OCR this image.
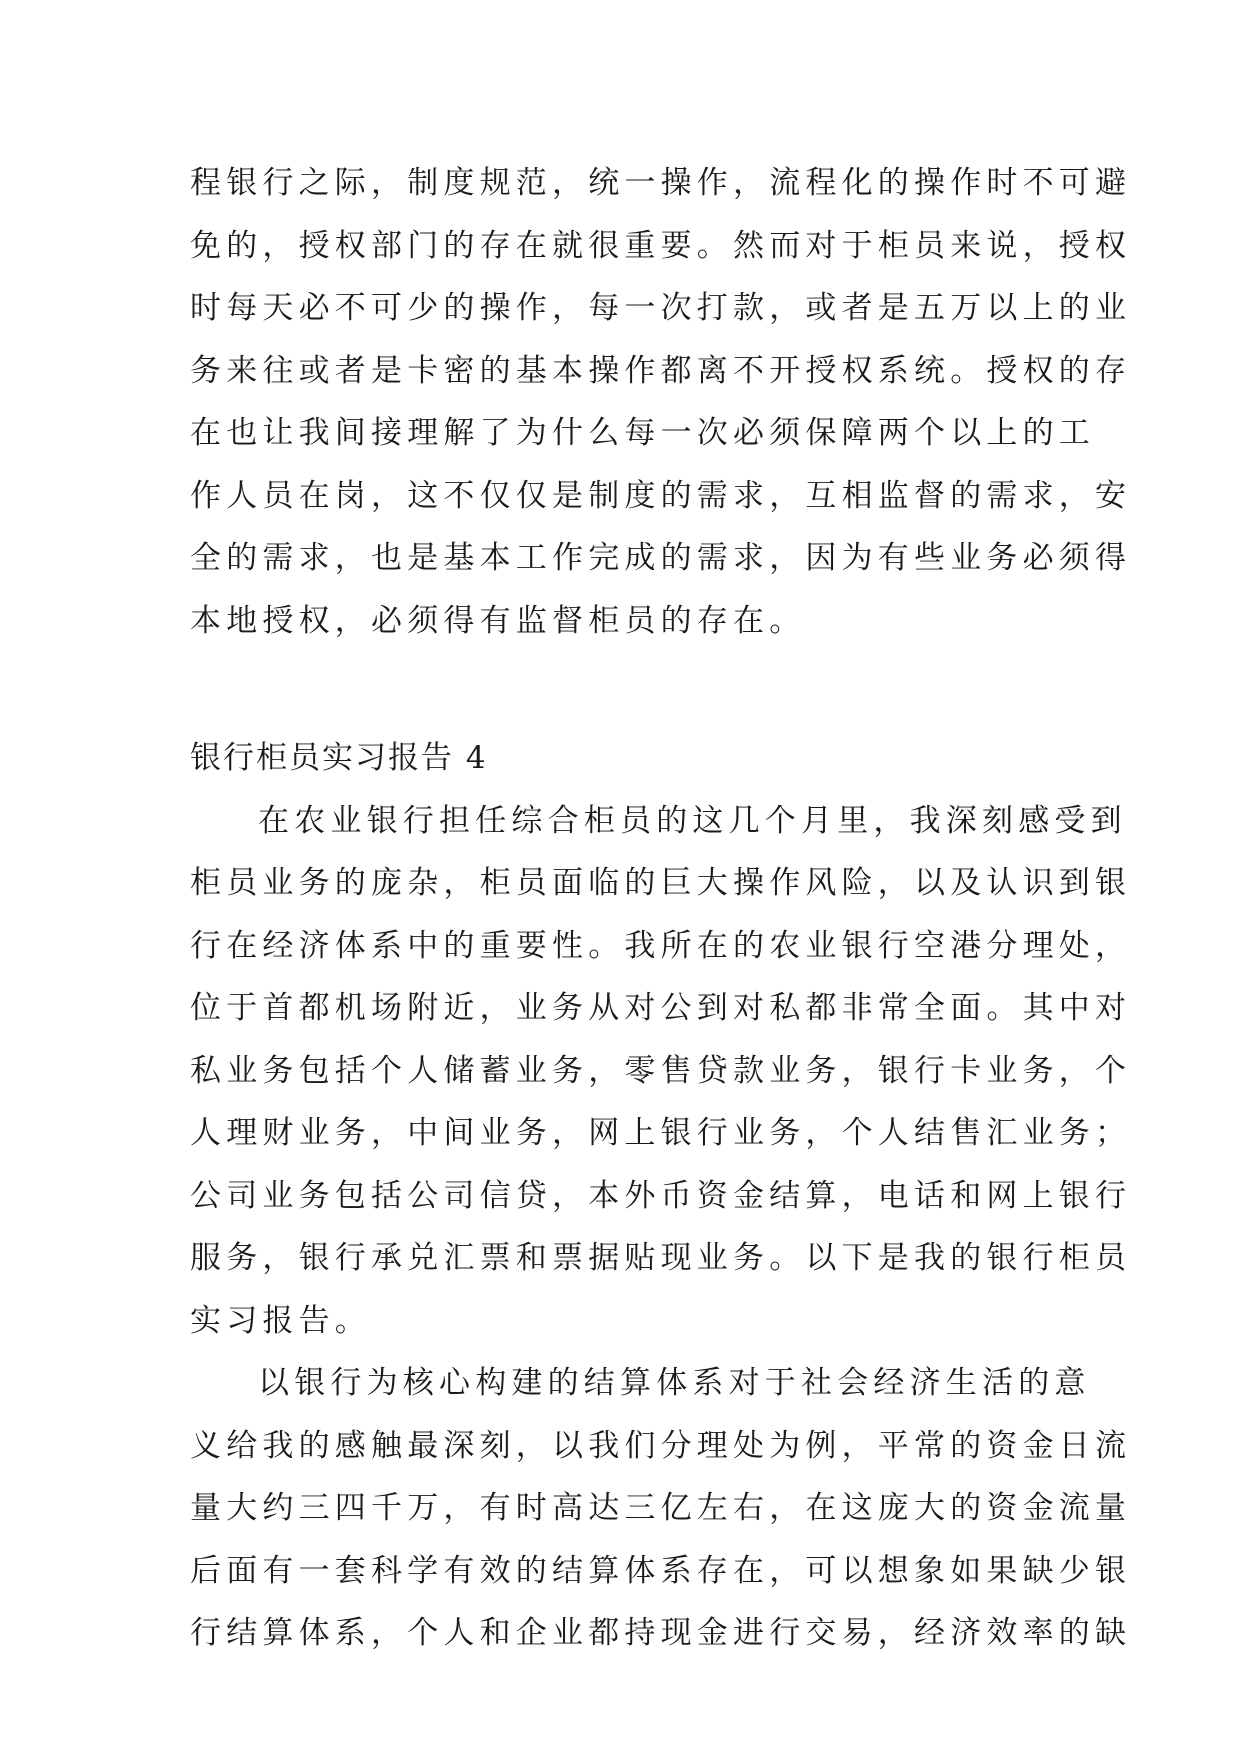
程银行之际，制度规范，统一操作，流程化的操作时不可避
免的，授权部门的存在就很重要。然而对于柜员来说，授权
时每天必不可少的操作，每一次打款，或者是五万以上的业
务来往或者是卡密的基本操作都离不开授权系统。授权的存
在也让我间接理解了为什么每一次必须保障两个以上的工
作人员在岗，这不仅仅是制度的需求，互相监督的需求，安
全的需求，也是基本工作完成的需求，因为有些业务必须得
本地授权，必须得有监督柜员的存在。
银行柜员实习报告 4
在农业银行担任综合柜员的这几个月里，我深刻感受到
柜员业务的庞杂，柜员面临的巨大操作风险，以及认识到银
行在经济体系中的重要性。我所在的农业银行空港分理处，
位于首都机场附近，业务从对公到对私都非常全面。其中对
私业务包括个人储蓄业务，零售贷款业务，银行卡业务，个
人理财业务，中间业务，网上银行业务，个人结售汇业务；
公司业务包括公司信贷，本外币资金结算，电话和网上银行
服务，银行承兑汇票和票据贴现业务。以下是我的银行柜员
实习报告。
以银行为核心构建的结算体系对于社会经济生活的意
义给我的感触最深刻，以我们分理处为例，平常的资金日流
量大约三四千万，有时高达三亿左右，在这庞大的资金流量
后面有一套科学有效的结算体系存在，可以想象如果缺少银
行结算体系，个人和企业都持现金进行交易，经济效率的缺
